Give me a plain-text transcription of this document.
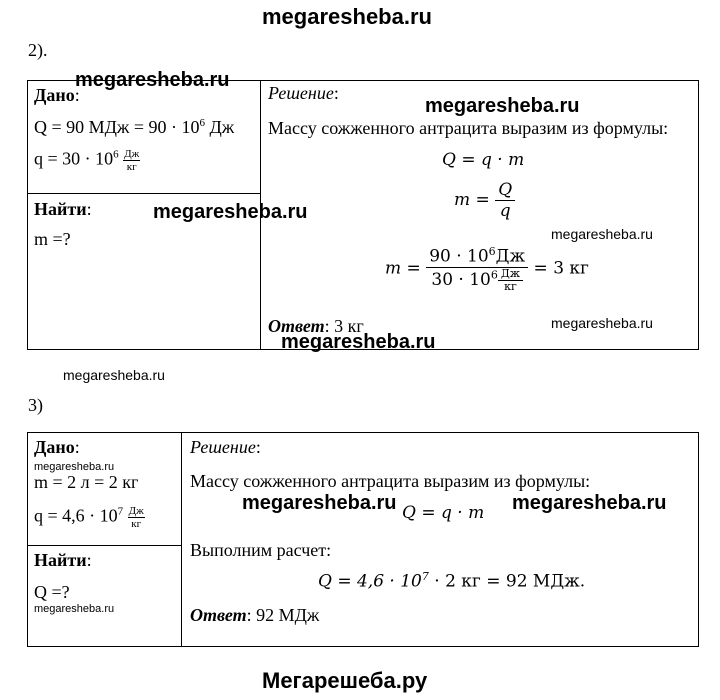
megaresheba.ru
2).
megaresheba.ru
Дано:
Q = 90 МДж = $90 \cdot 10^6$ Дж
$q = 30 \cdot 10^6 \frac{Дж}{кг}$
Найти:
m =?
megaresheba.ru
Решение:
megaresheba.ru
Массу сожженного антрацита выразим из формулы:
Q = q · m
$m = \frac{Q}{q}$
megaresheba.ru
m =
$90 \cdot 10^6Дж$
$30 \cdot 10^6 \frac{Дж}{кг} = 3$ кг
Ответ: 3 кг	megaresheba.ru
megaresheba.ru
megaresheba.ru
3)
Дано:
megaresheba.ru
m = 2 л = 2 кг
$q = 4,6 \cdot 10^7 \frac{Дж}{кг}$
Найти:
Q =?
megaresheba.ru
Решение:
Массу сожженного антрацита выразим из формулы:
megaresheba.ru Q = q · m megaresheba.ru
Выполним расчет:
$Q = 4,6 \cdot 10^7 \cdot 2$ кг = 92 МДж.
Ответ: 92 МДж
Мегарешеба.ру
